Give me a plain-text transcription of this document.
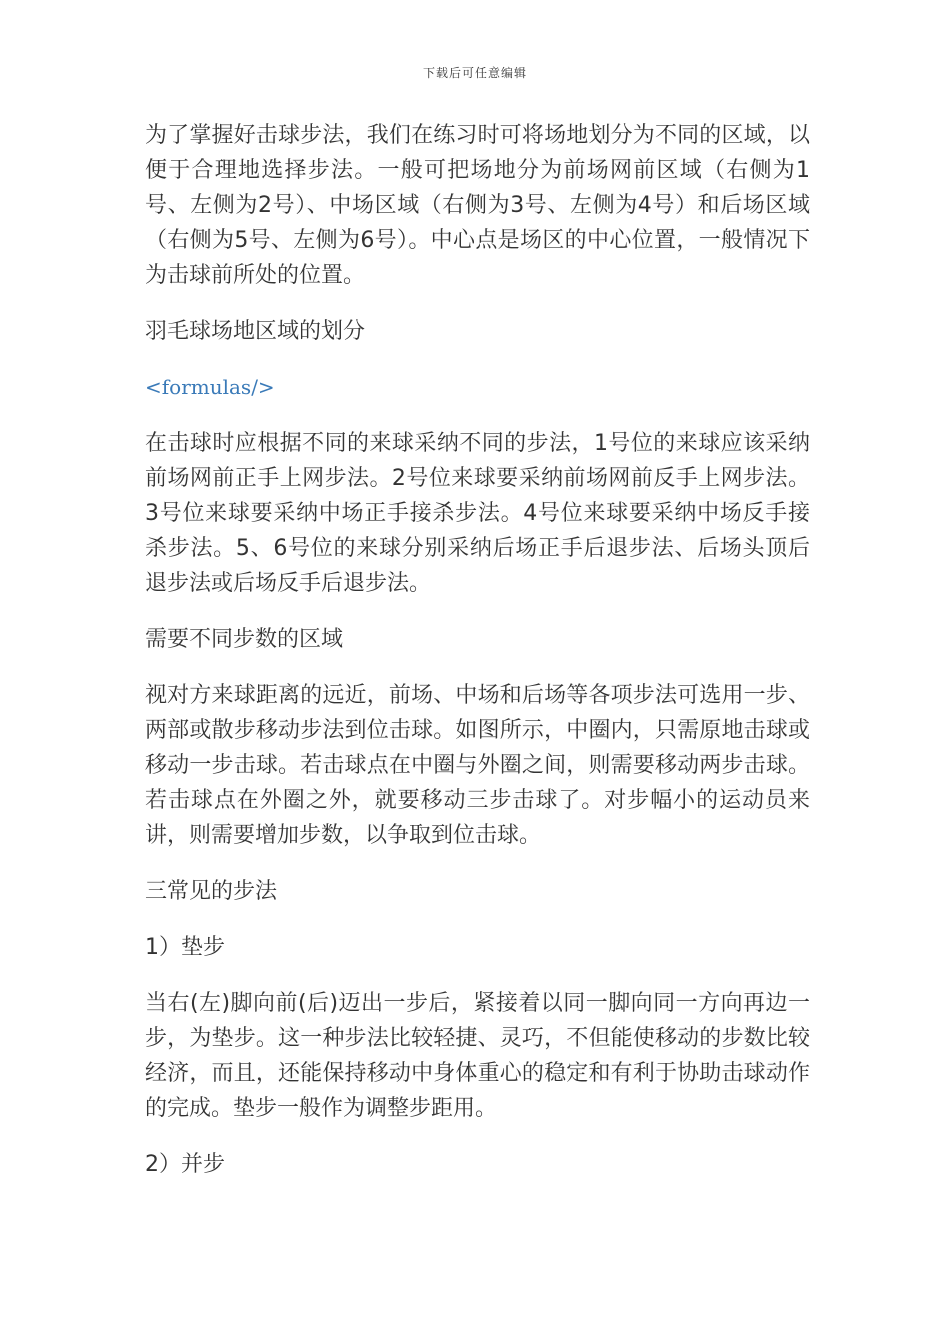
下载后可任意编辑

为了掌握好击球步法，我们在练习时可将场地划分为不同的区域，以便于合理地选择步法。一般可把场地分为前场网前区域（右侧为1号、左侧为2号）、中场区域（右侧为3号、左侧为4号）和后场区域（右侧为5号、左侧为6号）。中心点是场区的中心位置，一般情况下为击球前所处的位置。

羽毛球场地区域的划分

<formulas/>

在击球时应根据不同的来球采纳不同的步法，1号位的来球应该采纳前场网前正手上网步法。2号位来球要采纳前场网前反手上网步法。3号位来球要采纳中场正手接杀步法。4号位来球要采纳中场反手接杀步法。5、6号位的来球分别采纳后场正手后退步法、后场头顶后退步法或后场反手后退步法。

需要不同步数的区域

视对方来球距离的远近，前场、中场和后场等各项步法可选用一步、两部或散步移动步法到位击球。如图所示，中圈内，只需原地击球或移动一步击球。若击球点在中圈与外圈之间，则需要移动两步击球。若击球点在外圈之外，就要移动三步击球了。对步幅小的运动员来讲，则需要增加步数，以争取到位击球。

三常见的步法

1）垫步

当右(左)脚向前(后)迈出一步后，紧接着以同一脚向同一方向再边一步，为垫步。这一种步法比较轻捷、灵巧，不但能使移动的步数比较经济，而且，还能保持移动中身体重心的稳定和有利于协助击球动作的完成。垫步一般作为调整步距用。

2）并步
